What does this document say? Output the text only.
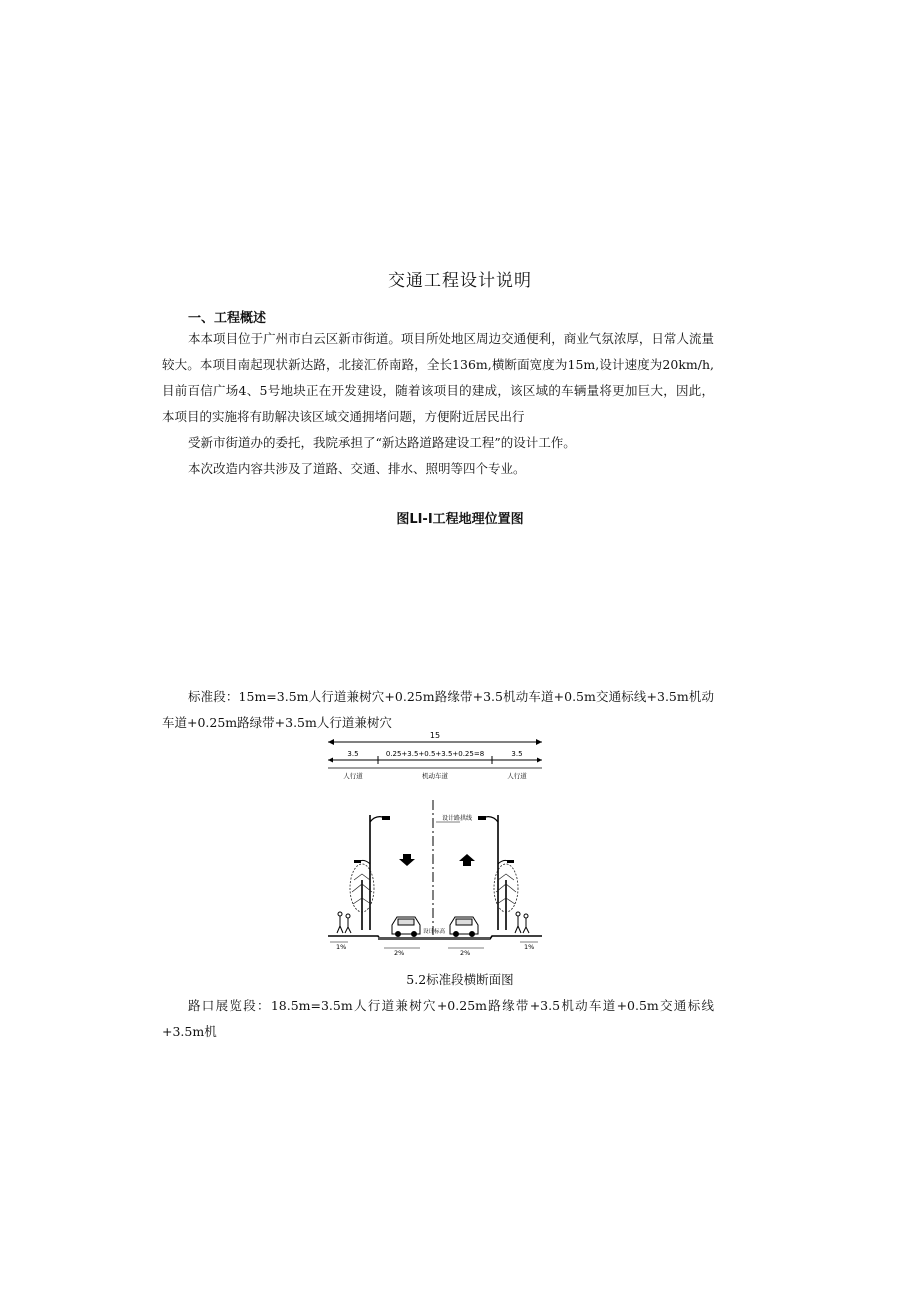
交通工程设计说明
一、工程概述

本本项目位于广州市白云区新市街道。项目所处地区周边交通便利，商业气氛浓厚，日常人流量较大。本项目南起现状新达路，北接汇侨南路，全长136m,横断面宽度为15m,设计速度为20km/h,目前百信广场4、5号地块正在开发建设，随着该项目的建成，该区域的车辆量将更加巨大，因此，本项目的实施将有助解决该区域交通拥堵问题，方便附近居民出行

受新市街道办的委托，我院承担了“新达路道路建设工程”的设计工作。

本次改造内容共涉及了道路、交通、排水、照明等四个专业。

图LI-I工程地理位置图

标准段：15m=3.5m人行道兼树穴+0.25m路缘带+3.5机动车道+0.5m交通标线+3.5m机动车道+0.25m路绿带+3.5m人行道兼树穴

15
3.5	0.25+3.5+0.5+3.5+0.25=8	3.5
人行道	机动车道	人行道
设计路拱线
设计标高
1%
2%	2%
1%
5.2标准段横断面图

路口展览段：18.5m=3.5m人行道兼树穴+0.25m路缘带+3.5机动车道+0.5m交通标线+3.5m机
